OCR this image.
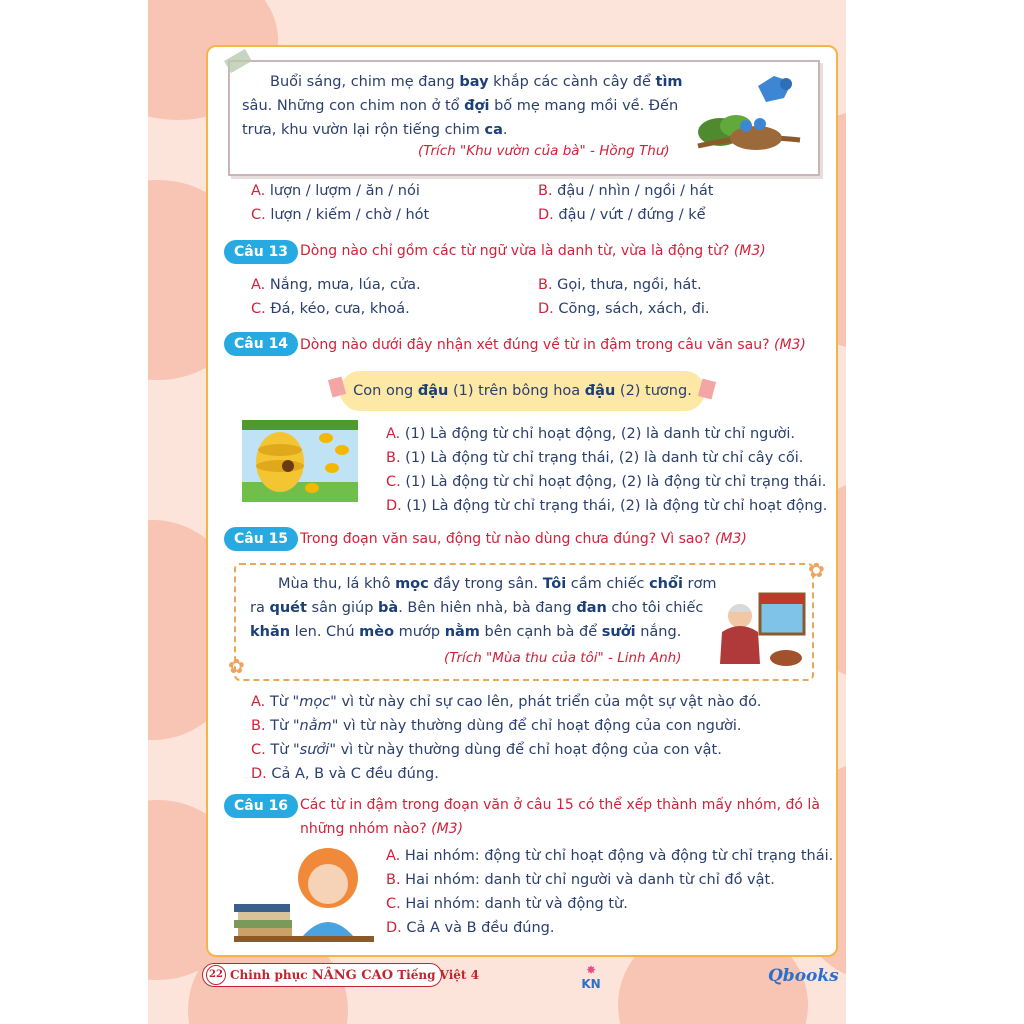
Buổi sáng, chim mẹ đang bay khắp các cành cây để tìm
sâu. Những con chim non ở tổ đợi bố mẹ mang mồi về. Đến
trưa, khu vườn lại rộn tiếng chim ca.
(Trích "Khu vườn của bà" - Hồng Thư)
A. lượn / lượm / ăn / nói	B. đậu / nhìn / ngồi / hát
C. lượn / kiếm / chờ / hót	D. đậu / vứt / đứng / kể
Câu 13 Dòng nào chỉ gồm các từ ngữ vừa là danh từ, vừa là động từ? (M3)
A. Nắng, mưa, lúa, cửa.	B. Gọi, thưa, ngồi, hát.
C. Đá, kéo, cưa, khoá.	D. Cõng, sách, xách, đi.
Câu 14 Dòng nào dưới đây nhận xét đúng về từ in đậm trong câu văn sau? (M3)
Con ong đậu (1) trên bông hoa đậu (2) tương.
A. (1) Là động từ chỉ hoạt động, (2) là danh từ chỉ người.
B. (1) Là động từ chỉ trạng thái, (2) là danh từ chỉ cây cối.
C. (1) Là động từ chỉ hoạt động, (2) là động từ chỉ trạng thái.
D. (1) Là động từ chỉ trạng thái, (2) là động từ chỉ hoạt động.
Câu 15 Trong đoạn văn sau, động từ nào dùng chưa đúng? Vì sao? (M3)
✿
✿
Mùa thu, lá khô mọc đầy trong sân. Tôi cầm chiếc chổi rơm
ra quét sân giúp bà. Bên hiên nhà, bà đang đan cho tôi chiếc
khăn len. Chú mèo mướp nằm bên cạnh bà để sưởi nắng.
(Trích "Mùa thu của tôi" - Linh Anh)
A. Từ "mọc" vì từ này chỉ sự cao lên, phát triển của một sự vật nào đó.
B. Từ "nằm" vì từ này thường dùng để chỉ hoạt động của con người.
C. Từ "sưởi" vì từ này thường dùng để chỉ hoạt động của con vật.
D. Cả A, B và C đều đúng.
Câu 16 Các từ in đậm trong đoạn văn ở câu 15 có thể xếp thành mấy nhóm, đó là
những nhóm nào? (M3)
A. Hai nhóm: động từ chỉ hoạt động và động từ chỉ trạng thái.
B. Hai nhóm: danh từ chỉ người và danh từ chỉ đồ vật.
C. Hai nhóm: danh từ và động từ.
D. Cả A và B đều đúng.
22 Chinh phục NÂNG CAO Tiếng Việt 4	✸
KN	Qbooks
